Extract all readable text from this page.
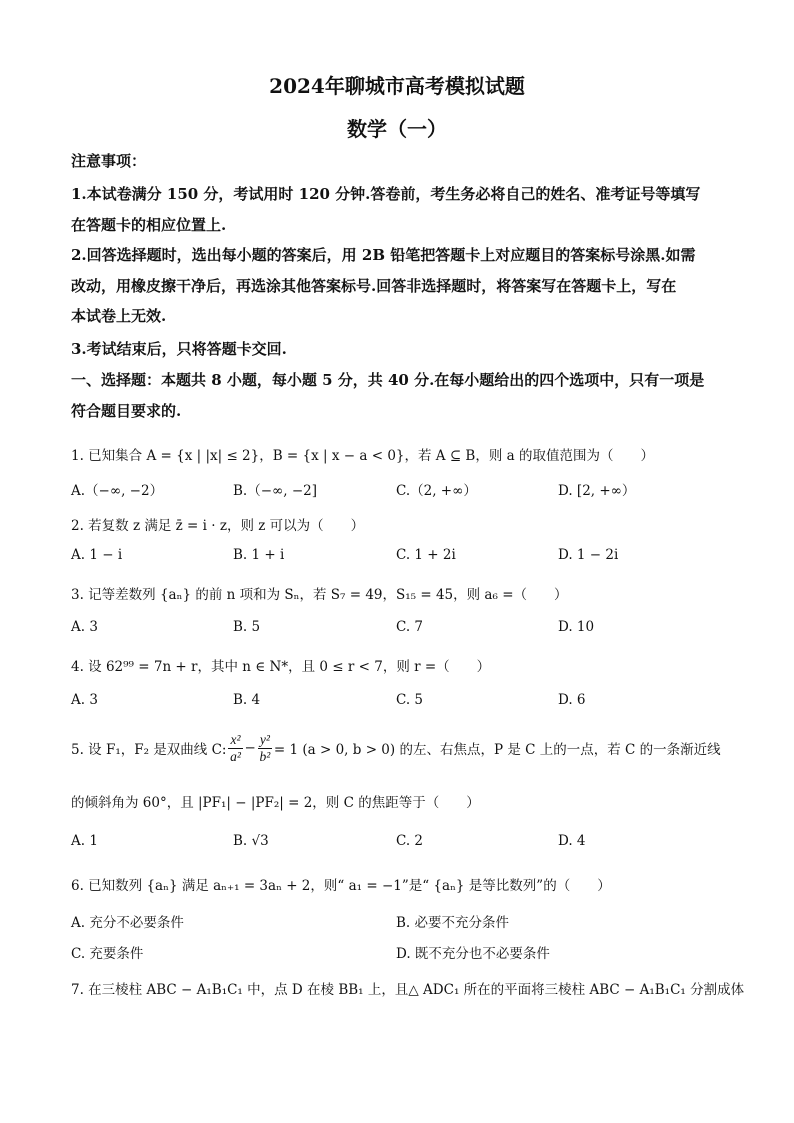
2024年聊城市高考模拟试题
数学（一）
注意事项：
1.本试卷满分 150 分，考试用时 120 分钟.答卷前，考生务必将自己的姓名、准考证号等填写
在答题卡的相应位置上.
2.回答选择题时，选出每小题的答案后，用 2B 铅笔把答题卡上对应题目的答案标号涂黑.如需
改动，用橡皮擦干净后，再选涂其他答案标号.回答非选择题时，将答案写在答题卡上，写在
本试卷上无效.
3.考试结束后，只将答题卡交回.
一、选择题：本题共 8 小题，每小题 5 分，共 40 分.在每小题给出的四个选项中，只有一项是
符合题目要求的.
1. 已知集合 A = {x | |x| ≤ 2}，B = {x | x − a < 0}，若 A ⊆ B，则 a 的取值范围为（　　）
A.（−∞, −2）	B.（−∞, −2]	C.（2, +∞）	D. [2, +∞）
2. 若复数 z 满足 z̄ = i · z，则 z 可以为（　　）
A. 1 − i	B. 1 + i	C. 1 + 2i	D. 1 − 2i
3. 记等差数列 {aₙ} 的前 n 项和为 Sₙ，若 S₇ = 49，S₁₅ = 45，则 a₆ =（　　）
A. 3	B. 5	C. 7	D. 10
4. 设 62⁹⁹ = 7n + r，其中 n ∈ N*，且 0 ≤ r < 7，则 r =（　　）
A. 3	B. 4	C. 5	D. 6
5. 设 F₁，F₂ 是双曲线 C: $\frac{\text{x²}}{\text{a²}} - \frac{\text{y²}}{\text{b²}} = 1$ (a > 0, b > 0) 的左、右焦点，P 是 C 上的一点，若 C 的一条渐近线
的倾斜角为 60°，且 |PF₁| − |PF₂| = 2，则 C 的焦距等于（　　）
A. 1	B. √3	C. 2	D. 4
6. 已知数列 {aₙ} 满足 aₙ₊₁ = 3aₙ + 2，则“ a₁ = −1”是“ {aₙ} 是等比数列”的（　　）
A. 充分不必要条件	B. 必要不充分条件
C. 充要条件	D. 既不充分也不必要条件
7. 在三棱柱 ABC − A₁B₁C₁ 中，点 D 在棱 BB₁ 上，且△ ADC₁ 所在的平面将三棱柱 ABC − A₁B₁C₁ 分割成体
